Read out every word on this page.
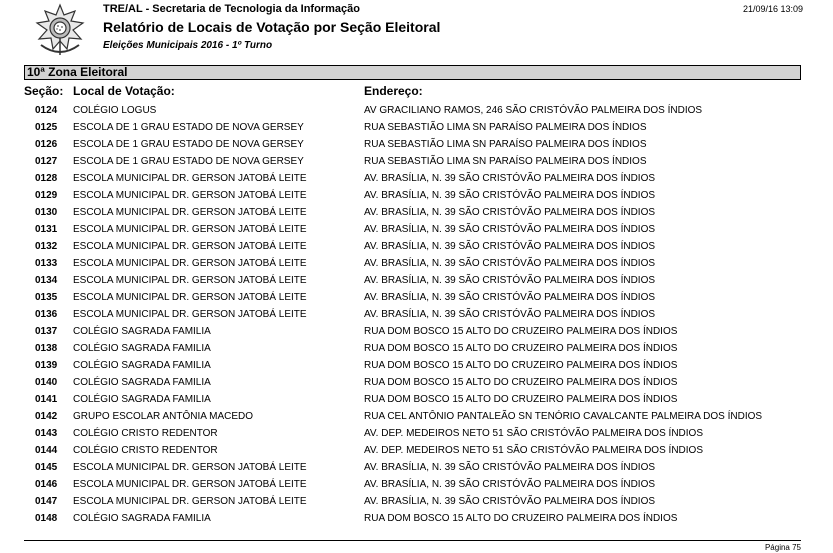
TRE/AL - Secretaria de Tecnologia da Informação
Relatório de Locais de Votação por Seção Eleitoral
Eleições Municipais 2016 - 1º Turno
21/09/16 13:09
10ª Zona Eleitoral
Seção: Local de Votação:	Endereço:
0124 COLÉGIO LOGUS	AV GRACILIANO RAMOS, 246 SÃO CRISTÓVÃO PALMEIRA DOS ÍNDIOS
0125 ESCOLA DE 1 GRAU ESTADO DE NOVA GERSEY	RUA SEBASTIÃO LIMA SN PARAÍSO PALMEIRA DOS ÍNDIOS
0126 ESCOLA DE 1 GRAU ESTADO DE NOVA GERSEY	RUA SEBASTIÃO LIMA SN PARAÍSO PALMEIRA DOS ÍNDIOS
0127 ESCOLA DE 1 GRAU ESTADO DE NOVA GERSEY	RUA SEBASTIÃO LIMA SN PARAÍSO PALMEIRA DOS ÍNDIOS
0128 ESCOLA MUNICIPAL DR. GERSON JATOBÁ LEITE	AV. BRASÍLIA, N. 39 SÃO CRISTÓVÃO PALMEIRA DOS ÍNDIOS
0129 ESCOLA MUNICIPAL DR. GERSON JATOBÁ LEITE	AV. BRASÍLIA, N. 39 SÃO CRISTÓVÃO PALMEIRA DOS ÍNDIOS
0130 ESCOLA MUNICIPAL DR. GERSON JATOBÁ LEITE	AV. BRASÍLIA, N. 39 SÃO CRISTÓVÃO PALMEIRA DOS ÍNDIOS
0131 ESCOLA MUNICIPAL DR. GERSON JATOBÁ LEITE	AV. BRASÍLIA, N. 39 SÃO CRISTÓVÃO PALMEIRA DOS ÍNDIOS
0132 ESCOLA MUNICIPAL DR. GERSON JATOBÁ LEITE	AV. BRASÍLIA, N. 39 SÃO CRISTÓVÃO PALMEIRA DOS ÍNDIOS
0133 ESCOLA MUNICIPAL DR. GERSON JATOBÁ LEITE	AV. BRASÍLIA, N. 39 SÃO CRISTÓVÃO PALMEIRA DOS ÍNDIOS
0134 ESCOLA MUNICIPAL DR. GERSON JATOBÁ LEITE	AV. BRASÍLIA, N. 39 SÃO CRISTÓVÃO PALMEIRA DOS ÍNDIOS
0135 ESCOLA MUNICIPAL DR. GERSON JATOBÁ LEITE	AV. BRASÍLIA, N. 39 SÃO CRISTÓVÃO PALMEIRA DOS ÍNDIOS
0136 ESCOLA MUNICIPAL DR. GERSON JATOBÁ LEITE	AV. BRASÍLIA, N. 39 SÃO CRISTÓVÃO PALMEIRA DOS ÍNDIOS
0137 COLÉGIO SAGRADA FAMILIA	RUA DOM BOSCO 15 ALTO DO CRUZEIRO PALMEIRA DOS ÍNDIOS
0138 COLÉGIO SAGRADA FAMILIA	RUA DOM BOSCO 15 ALTO DO CRUZEIRO PALMEIRA DOS ÍNDIOS
0139 COLÉGIO SAGRADA FAMILIA	RUA DOM BOSCO 15 ALTO DO CRUZEIRO PALMEIRA DOS ÍNDIOS
0140 COLÉGIO SAGRADA FAMILIA	RUA DOM BOSCO 15 ALTO DO CRUZEIRO PALMEIRA DOS ÍNDIOS
0141 COLÉGIO SAGRADA FAMILIA	RUA DOM BOSCO 15 ALTO DO CRUZEIRO PALMEIRA DOS ÍNDIOS
0142 GRUPO ESCOLAR ANTÔNIA MACEDO	RUA CEL ANTÔNIO PANTALEÃO SN TENÓRIO CAVALCANTE PALMEIRA DOS ÍNDIOS
0143 COLÉGIO CRISTO REDENTOR	AV. DEP. MEDEIROS NETO 51 SÃO CRISTÓVÃO PALMEIRA DOS ÍNDIOS
0144 COLÉGIO CRISTO REDENTOR	AV. DEP. MEDEIROS NETO 51 SÃO CRISTÓVÃO PALMEIRA DOS ÍNDIOS
0145 ESCOLA MUNICIPAL DR. GERSON JATOBÁ LEITE	AV. BRASÍLIA, N. 39 SÃO CRISTÓVÃO PALMEIRA DOS ÍNDIOS
0146 ESCOLA MUNICIPAL DR. GERSON JATOBÁ LEITE	AV. BRASÍLIA, N. 39 SÃO CRISTÓVÃO PALMEIRA DOS ÍNDIOS
0147 ESCOLA MUNICIPAL DR. GERSON JATOBÁ LEITE	AV. BRASÍLIA, N. 39 SÃO CRISTÓVÃO PALMEIRA DOS ÍNDIOS
0148 COLÉGIO SAGRADA FAMILIA	RUA DOM BOSCO 15 ALTO DO CRUZEIRO PALMEIRA DOS ÍNDIOS
Página 75
